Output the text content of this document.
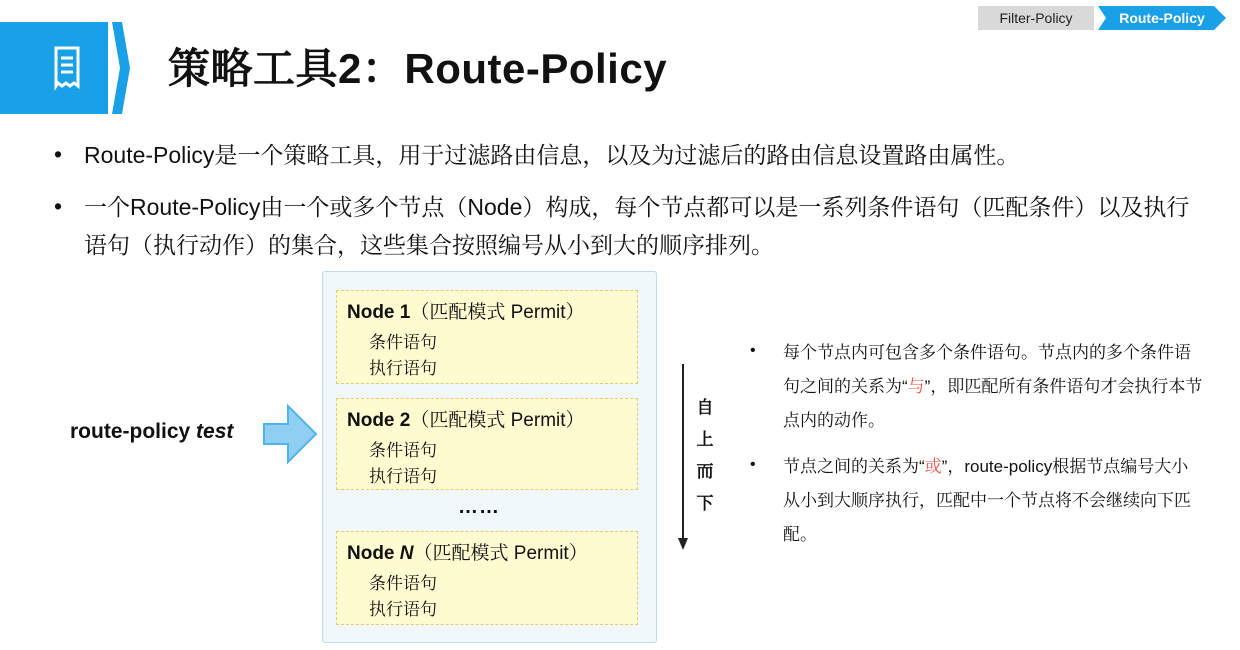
策略工具2：Route-Policy
Filter-Policy	Route-Policy
• Route-Policy是一个策略工具，用于过滤路由信息，以及为过滤后的路由信息设置路由属性。
• 一个Route-Policy由一个或多个节点（Node）构成，每个节点都可以是一系列条件语句（匹配条件）以及执行语句（执行动作）的集合，这些集合按照编号从小到大的顺序排列。
route-policy test
Node 1（匹配模式 Permit）
条件语句
执行语句
Node 2（匹配模式 Permit）
条件语句
执行语句
……
Node N（匹配模式 Permit）
条件语句
执行语句
自上而下
• 每个节点内可包含多个条件语句。节点内的多个条件语句之间的关系为“与”，即匹配所有条件语句才会执行本节点内的动作。
• 节点之间的关系为“或”，route-policy根据节点编号大小从小到大顺序执行，匹配中一个节点将不会继续向下匹配。
